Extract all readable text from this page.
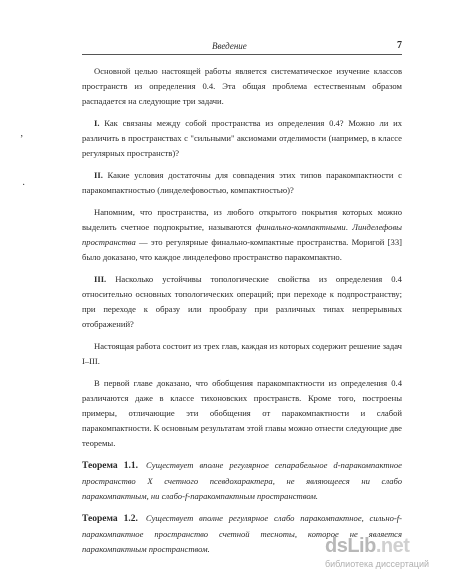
Введение	7
‚
·

Основной целью настоящей работы является систематическое изучение классов пространств из определения 0.4. Эта общая проблема естественным образом распадается на следующие три задачи.

I. Как связаны между собой пространства из определения 0.4? Можно ли их различить в пространствах с "сильными" аксиомами отделимости (например, в классе регулярных пространств)?

II. Какие условия достаточны для совпадения этих типов паракомпактности с паракомпактностью (линделефовостью, компактностью)?

Напомним, что пространства, из любого открытого покрытия которых можно выделить счетное подпокрытие, называются финально-компактными. Линделефовы пространства — это регулярные финально-компактные пространства. Моригой [33] было доказано, что каждое линделефово пространство паракомпактно.

III. Насколько устойчивы топологические свойства из определения 0.4 относительно основных топологических операций; при переходе к подпространству; при переходе к образу или прообразу при различных типах непрерывных отображений?

Настоящая работа состоит из трех глав, каждая из которых содержит решение задач I–III.

В первой главе доказано, что обобщения паракомпактности из определения 0.4 различаются даже в классе тихоновских пространств. Кроме того, построены примеры, отличающие эти обобщения от паракомпактности и слабой паракомпактности. К основным результатам этой главы можно отнести следующие две теоремы.

Теорема 1.1. Существует вполне регулярное сепарабельное d-паракомпактное пространство X счетного псевдохарактера, не являющееся ни слабо паракомпактным, ни слабо-f-паракомпактным пространством.

Теорема 1.2. Существует вполне регулярное слабо паракомпактное, сильно-f-паракомпактное пространство счетной тесноты, которое не является паракомпактным пространством.	dsLib.net
библиотека диссертаций
